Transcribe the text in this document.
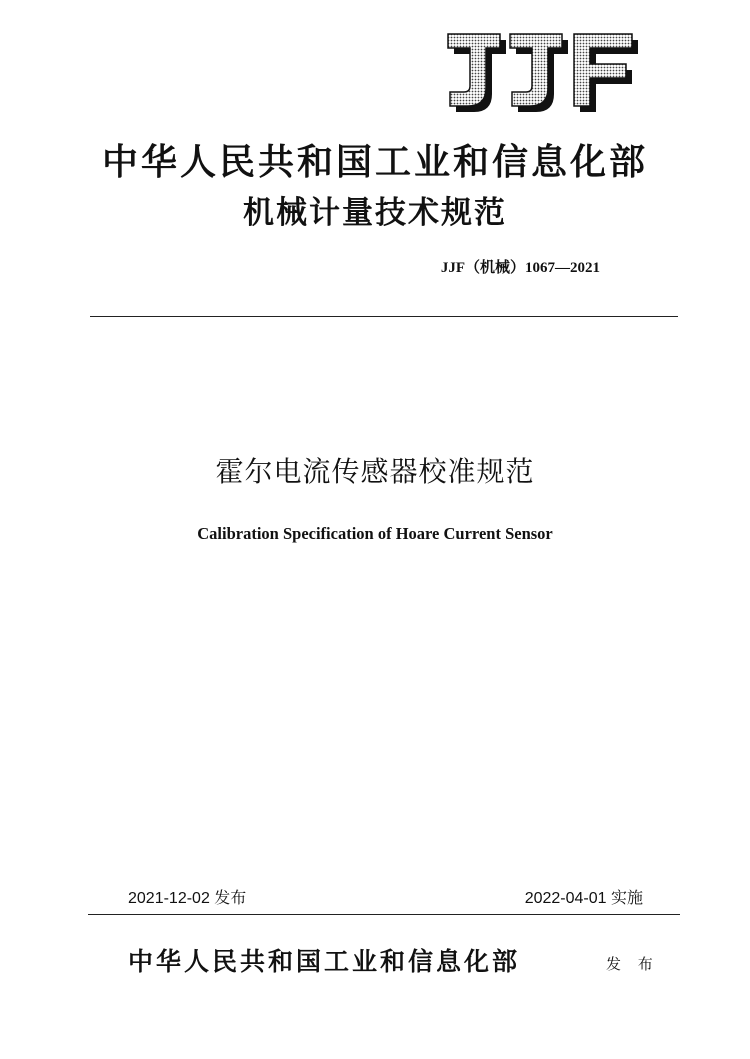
中华人民共和国工业和信息化部
机械计量技术规范
JJF（机械）1067—2021
霍尔电流传感器校准规范
Calibration Specification of Hoare Current Sensor
2021-12-02 发布	2022-04-01 实施
中华人民共和国工业和信息化部	发 布
